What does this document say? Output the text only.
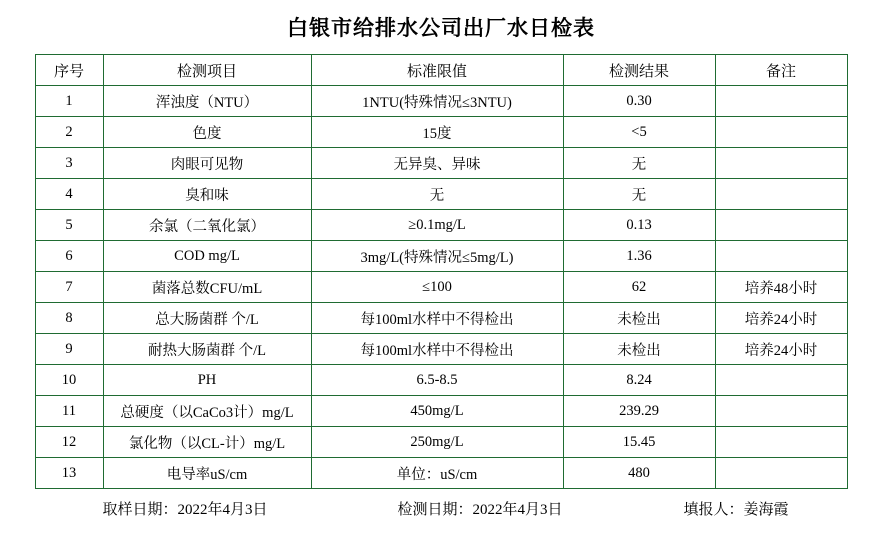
白银市给排水公司出厂水日检表
序号	检测项目	标准限值	检测结果	备注
1	浑浊度（NTU）	1NTU(特殊情况≤3NTU)	0.30	
2	色度	15度	<5	
3	肉眼可见物	无异臭、异味	无	
4	臭和味	无	无	
5	余氯（二氧化氯）	≥0.1mg/L	0.13	
6	COD mg/L	3mg/L(特殊情况≤5mg/L)	1.36	
7	菌落总数CFU/mL	≤100	62	培养48小时
8	总大肠菌群 个/L	每100ml水样中不得检出	未检出	培养24小时
9	耐热大肠菌群 个/L	每100ml水样中不得检出	未检出	培养24小时
10	PH	6.5-8.5	8.24	
11	总硬度（以CaCo3计）mg/L	450mg/L	239.29	
12	氯化物（以CL-计）mg/L	250mg/L	15.45	
13	电导率uS/cm	单位：uS/cm	480	
取样日期：2022年4月3日	检测日期：2022年4月3日	填报人：姜海霞
